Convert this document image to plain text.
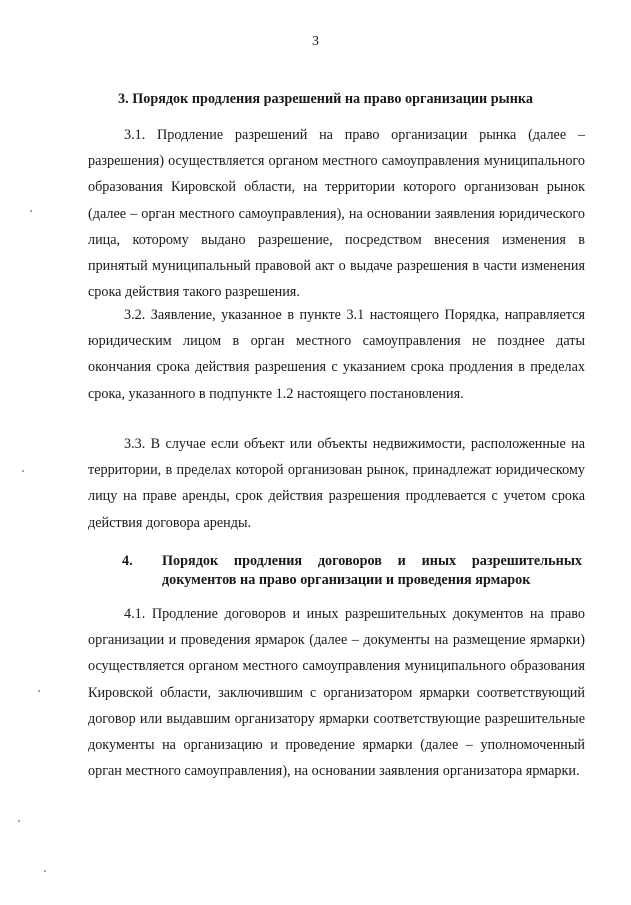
3
3. Порядок продления разрешений на право организации рынка

3.1. Продление разрешений на право организации рынка (далее – разрешения) осуществляется органом местного самоуправления муниципального образования Кировской области, на территории которого организован рынок (далее – орган местного самоуправления), на основании заявления юридического лица, которому выдано разрешение, посредством внесения изменения в принятый муниципальный правовой акт о выдаче разрешения в части изменения срока действия такого разрешения.

3.2. Заявление, указанное в пункте 3.1 настоящего Порядка, направляется юридическим лицом в орган местного самоуправления не позднее даты окончания срока действия разрешения с указанием срока продления в пределах срока, указанного в подпункте 1.2 настоящего постановления.

3.3. В случае если объект или объекты недвижимости, расположенные на территории, в пределах которой организован рынок, принадлежат юридическому лицу на праве аренды, срок действия разрешения продлевается с учетом срока действия договора аренды.

4. Порядок продления договоров и иных разрешительных
документов на право организации и проведения ярмарок

4.1. Продление договоров и иных разрешительных документов на право организации и проведения ярмарок (далее – документы на размещение ярмарки) осуществляется органом местного самоуправления муниципального образования Кировской области, заключившим с организатором ярмарки соответствующий договор или выдавшим организатору ярмарки соответствующие разрешительные документы на организацию и проведение ярмарки (далее – уполномоченный орган местного самоуправления), на основании заявления организатора ярмарки.
